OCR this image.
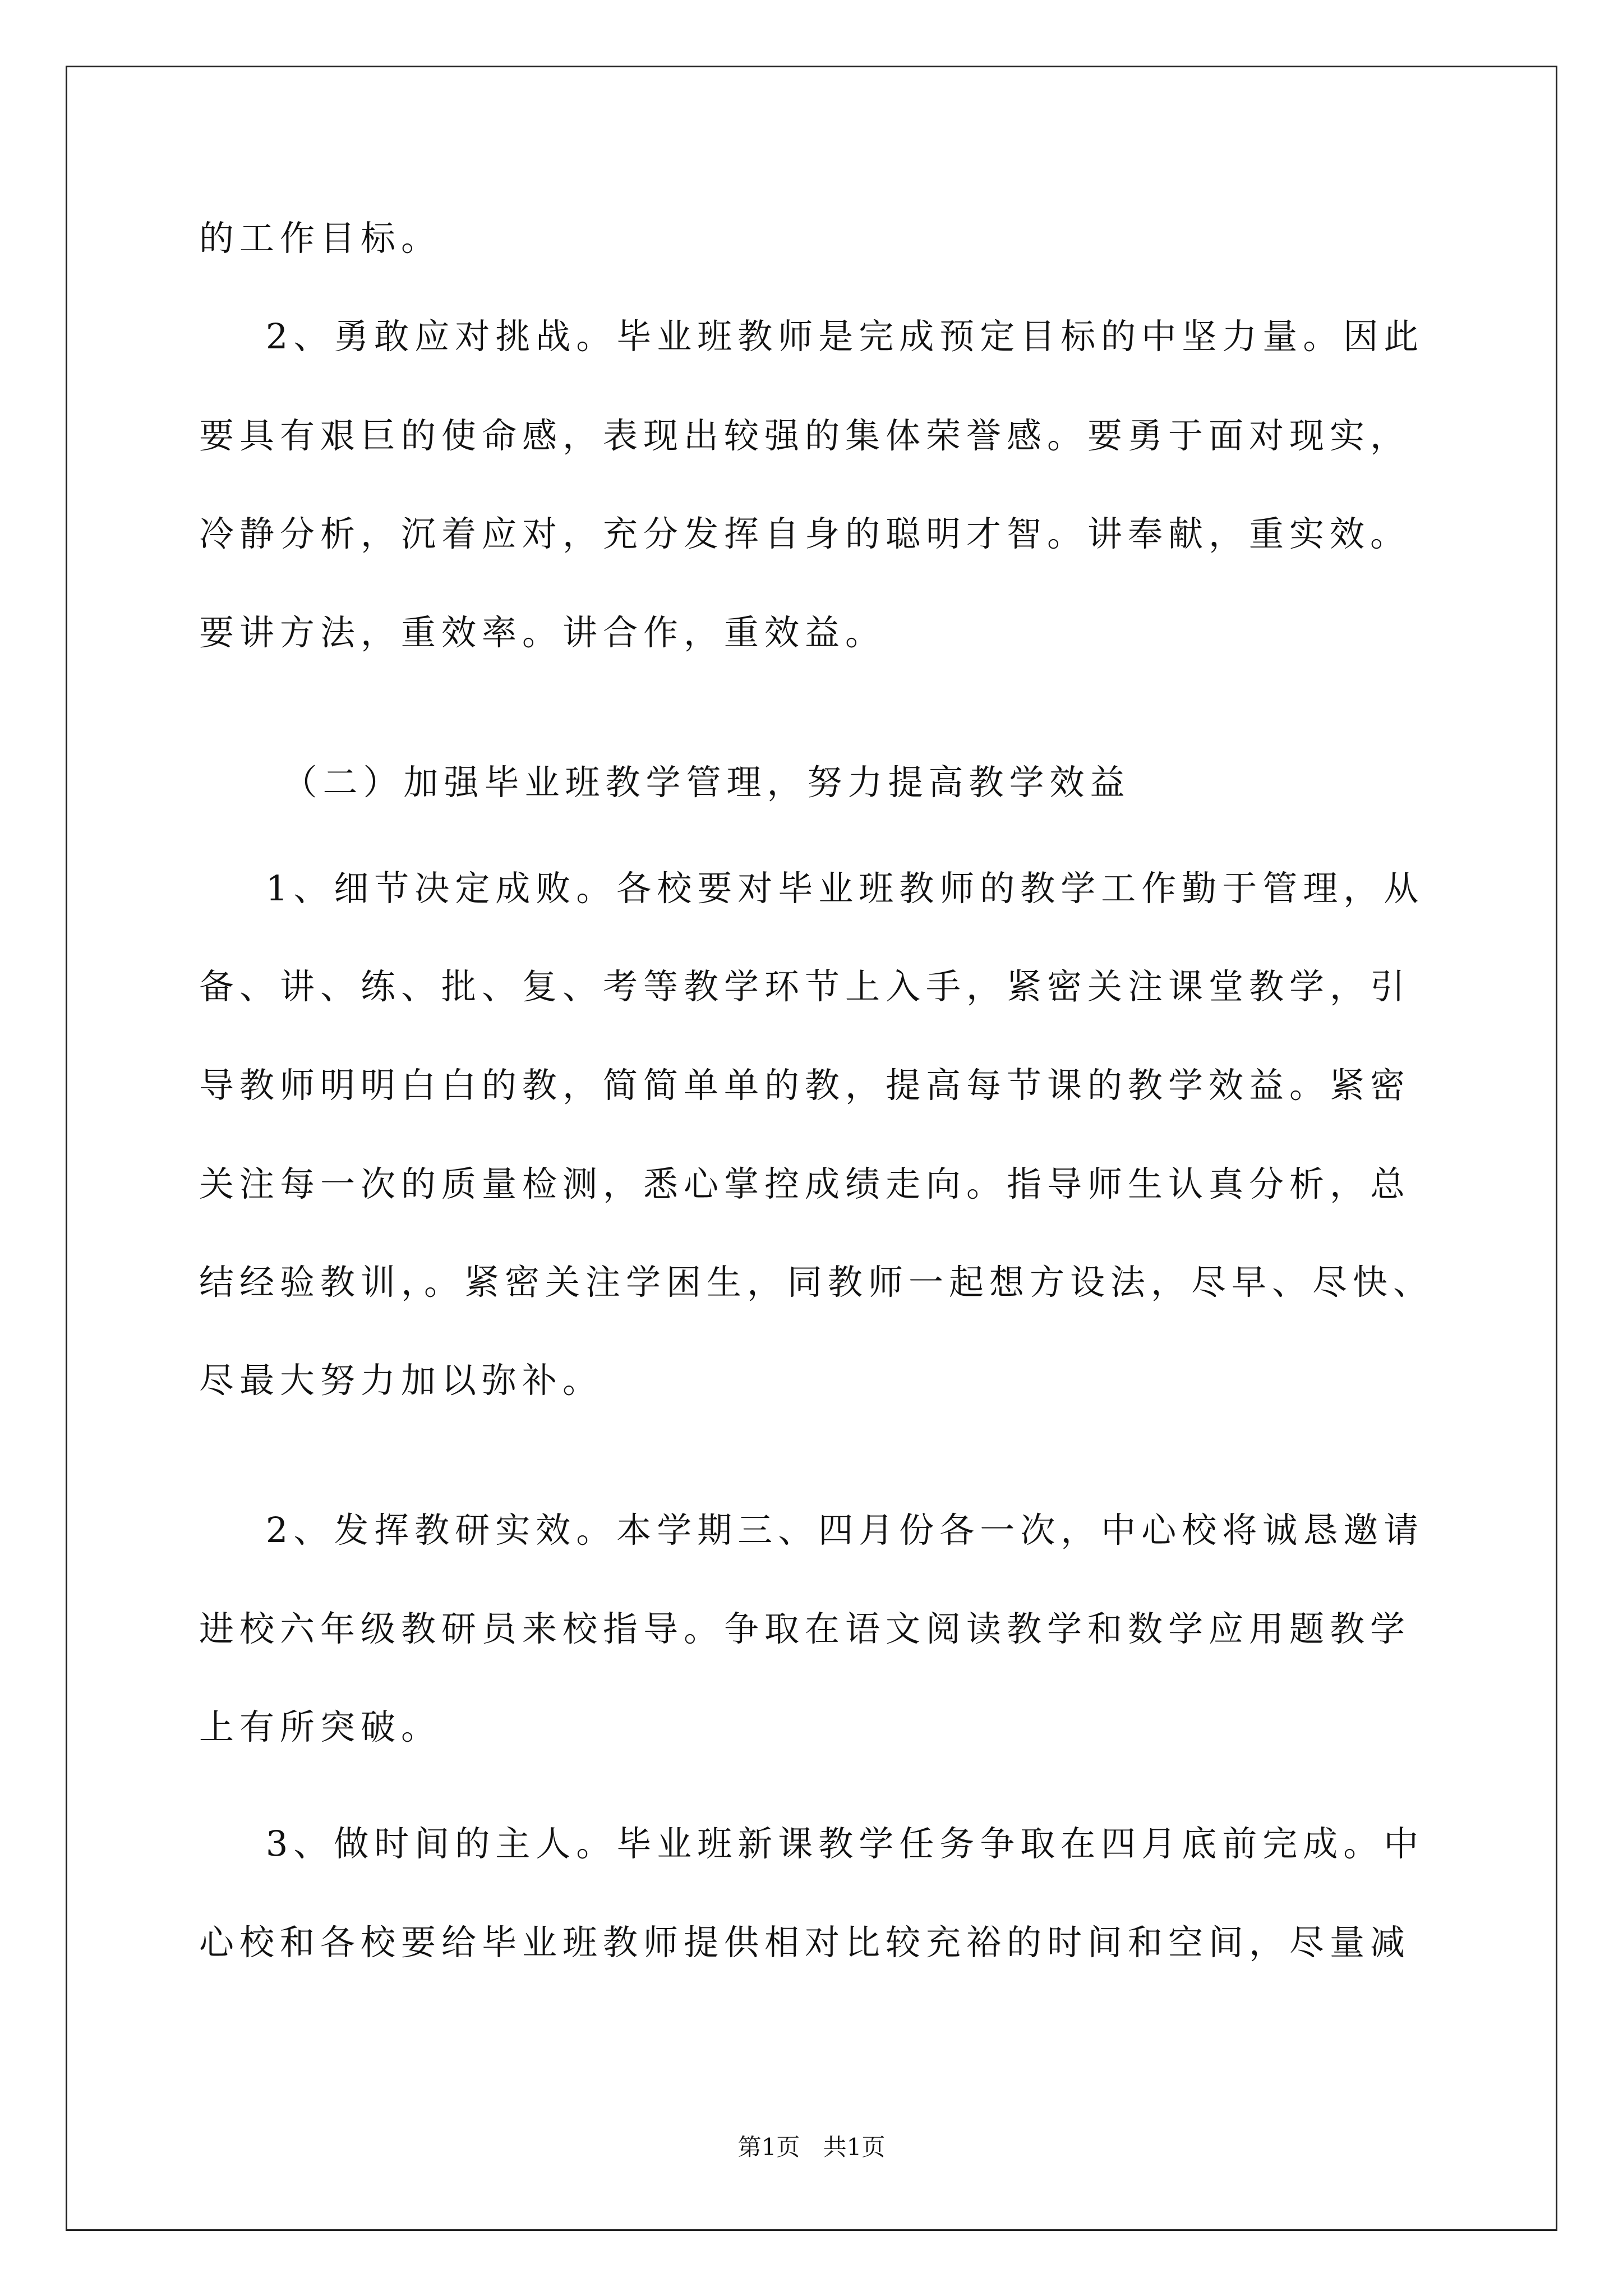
的工作目标。
2、勇敢应对挑战。毕业班教师是完成预定目标的中坚力量。因此
要具有艰巨的使命感，表现出较强的集体荣誉感。要勇于面对现实，
冷静分析，沉着应对，充分发挥自身的聪明才智。讲奉献，重实效。
要讲方法，重效率。讲合作，重效益。
（二）加强毕业班教学管理，努力提高教学效益
1、细节决定成败。各校要对毕业班教师的教学工作勤于管理，从
备、讲、练、批、复、考等教学环节上入手，紧密关注课堂教学，引
导教师明明白白的教，简简单单的教，提高每节课的教学效益。紧密
关注每一次的质量检测，悉心掌控成绩走向。指导师生认真分析，总
结经验教训，。紧密关注学困生，同教师一起想方设法，尽早、尽快、
尽最大努力加以弥补。
2、发挥教研实效。本学期三、四月份各一次，中心校将诚恳邀请
进校六年级教研员来校指导。争取在语文阅读教学和数学应用题教学
上有所突破。
3、做时间的主人。毕业班新课教学任务争取在四月底前完成。中
心校和各校要给毕业班教师提供相对比较充裕的时间和空间，尽量减
第1页 共1页
